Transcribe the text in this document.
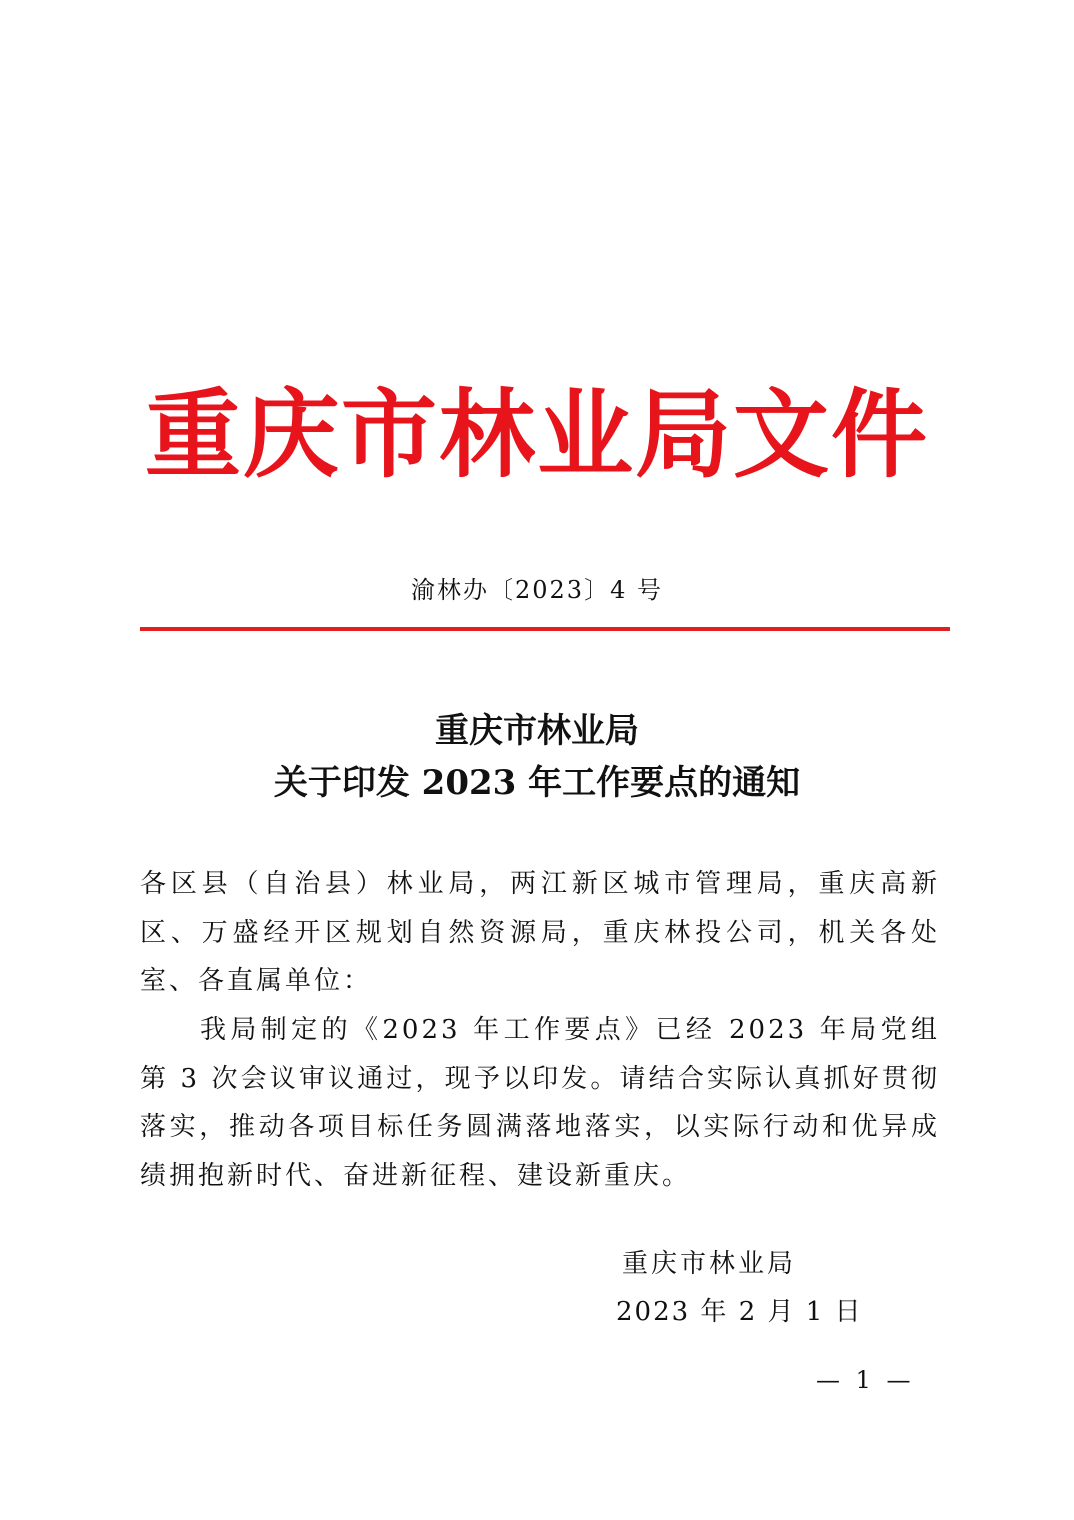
重庆市林业局文件
渝林办〔2023〕4 号
重庆市林业局
关于印发 2023 年工作要点的通知
各区县（自治县）林业局，两江新区城市管理局，重庆高新区、万盛经开区规划自然资源局，重庆林投公司，机关各处室、各直属单位：
我局制定的《2023 年工作要点》已经 2023 年局党组第 3 次会议审议通过，现予以印发。请结合实际认真抓好贯彻落实，推动各项目标任务圆满落地落实，以实际行动和优异成绩拥抱新时代、奋进新征程、建设新重庆。
重庆市林业局
2023 年 2 月 1 日
— 1 —
